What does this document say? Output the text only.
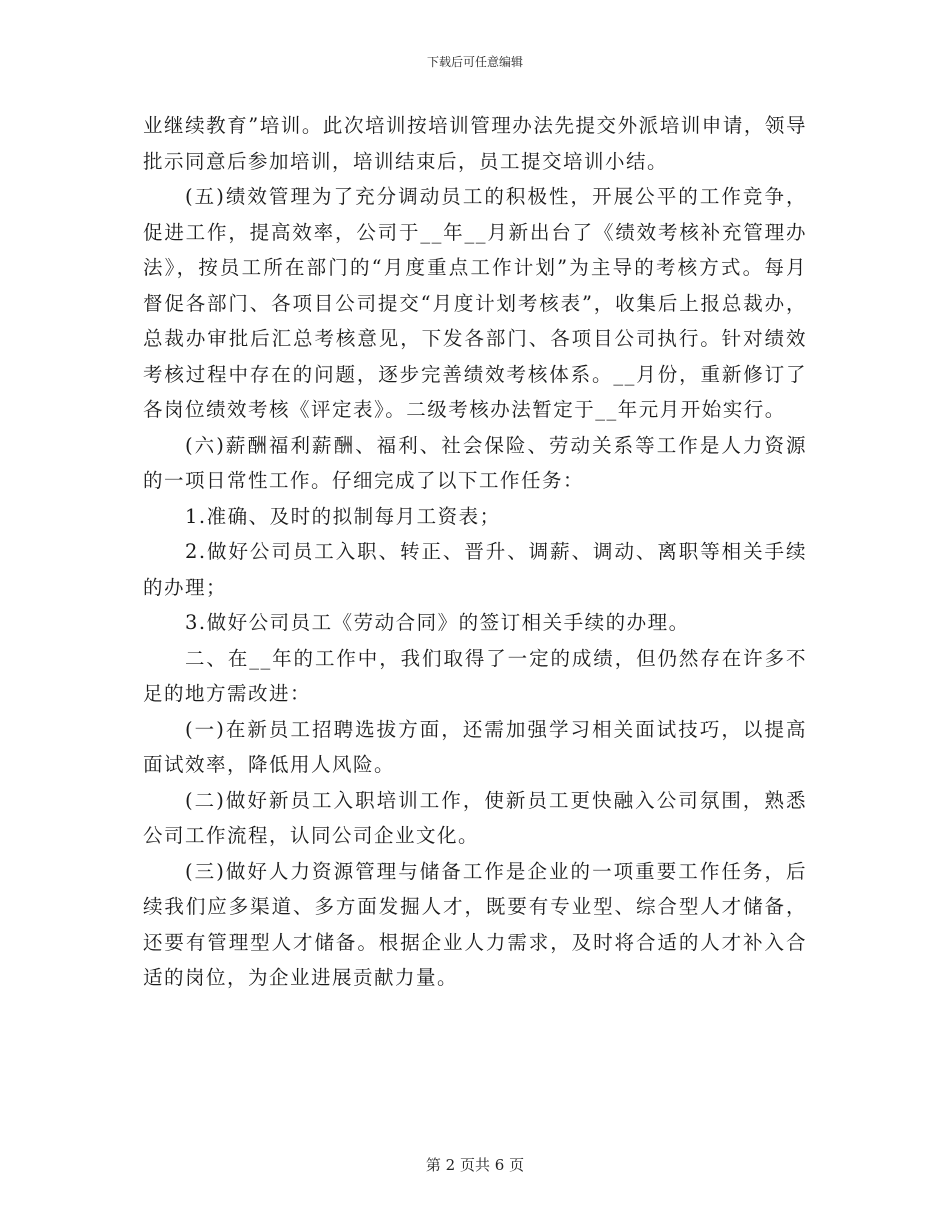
下载后可任意编辑

业继续教育”培训。此次培训按培训管理办法先提交外派培训申请，领导批示同意后参加培训，培训结束后，员工提交培训小结。

(五)绩效管理为了充分调动员工的积极性，开展公平的工作竞争，促进工作，提高效率，公司于__年__月新出台了《绩效考核补充管理办法》，按员工所在部门的“月度重点工作计划”为主导的考核方式。每月督促各部门、各项目公司提交“月度计划考核表”，收集后上报总裁办，总裁办审批后汇总考核意见，下发各部门、各项目公司执行。针对绩效考核过程中存在的问题，逐步完善绩效考核体系。__月份，重新修订了各岗位绩效考核《评定表》。二级考核办法暂定于__年元月开始实行。

(六)薪酬福利薪酬、福利、社会保险、劳动关系等工作是人力资源的一项日常性工作。仔细完成了以下工作任务：

1.准确、及时的拟制每月工资表；

2.做好公司员工入职、转正、晋升、调薪、调动、离职等相关手续的办理；

3.做好公司员工《劳动合同》的签订相关手续的办理。

二、在__年的工作中，我们取得了一定的成绩，但仍然存在许多不足的地方需改进：

(一)在新员工招聘选拔方面，还需加强学习相关面试技巧，以提高面试效率，降低用人风险。

(二)做好新员工入职培训工作，使新员工更快融入公司氛围，熟悉公司工作流程，认同公司企业文化。

(三)做好人力资源管理与储备工作是企业的一项重要工作任务，后续我们应多渠道、多方面发掘人才，既要有专业型、综合型人才储备，还要有管理型人才储备。根据企业人力需求，及时将合适的人才补入合适的岗位，为企业进展贡献力量。

第 2 页共 6 页
